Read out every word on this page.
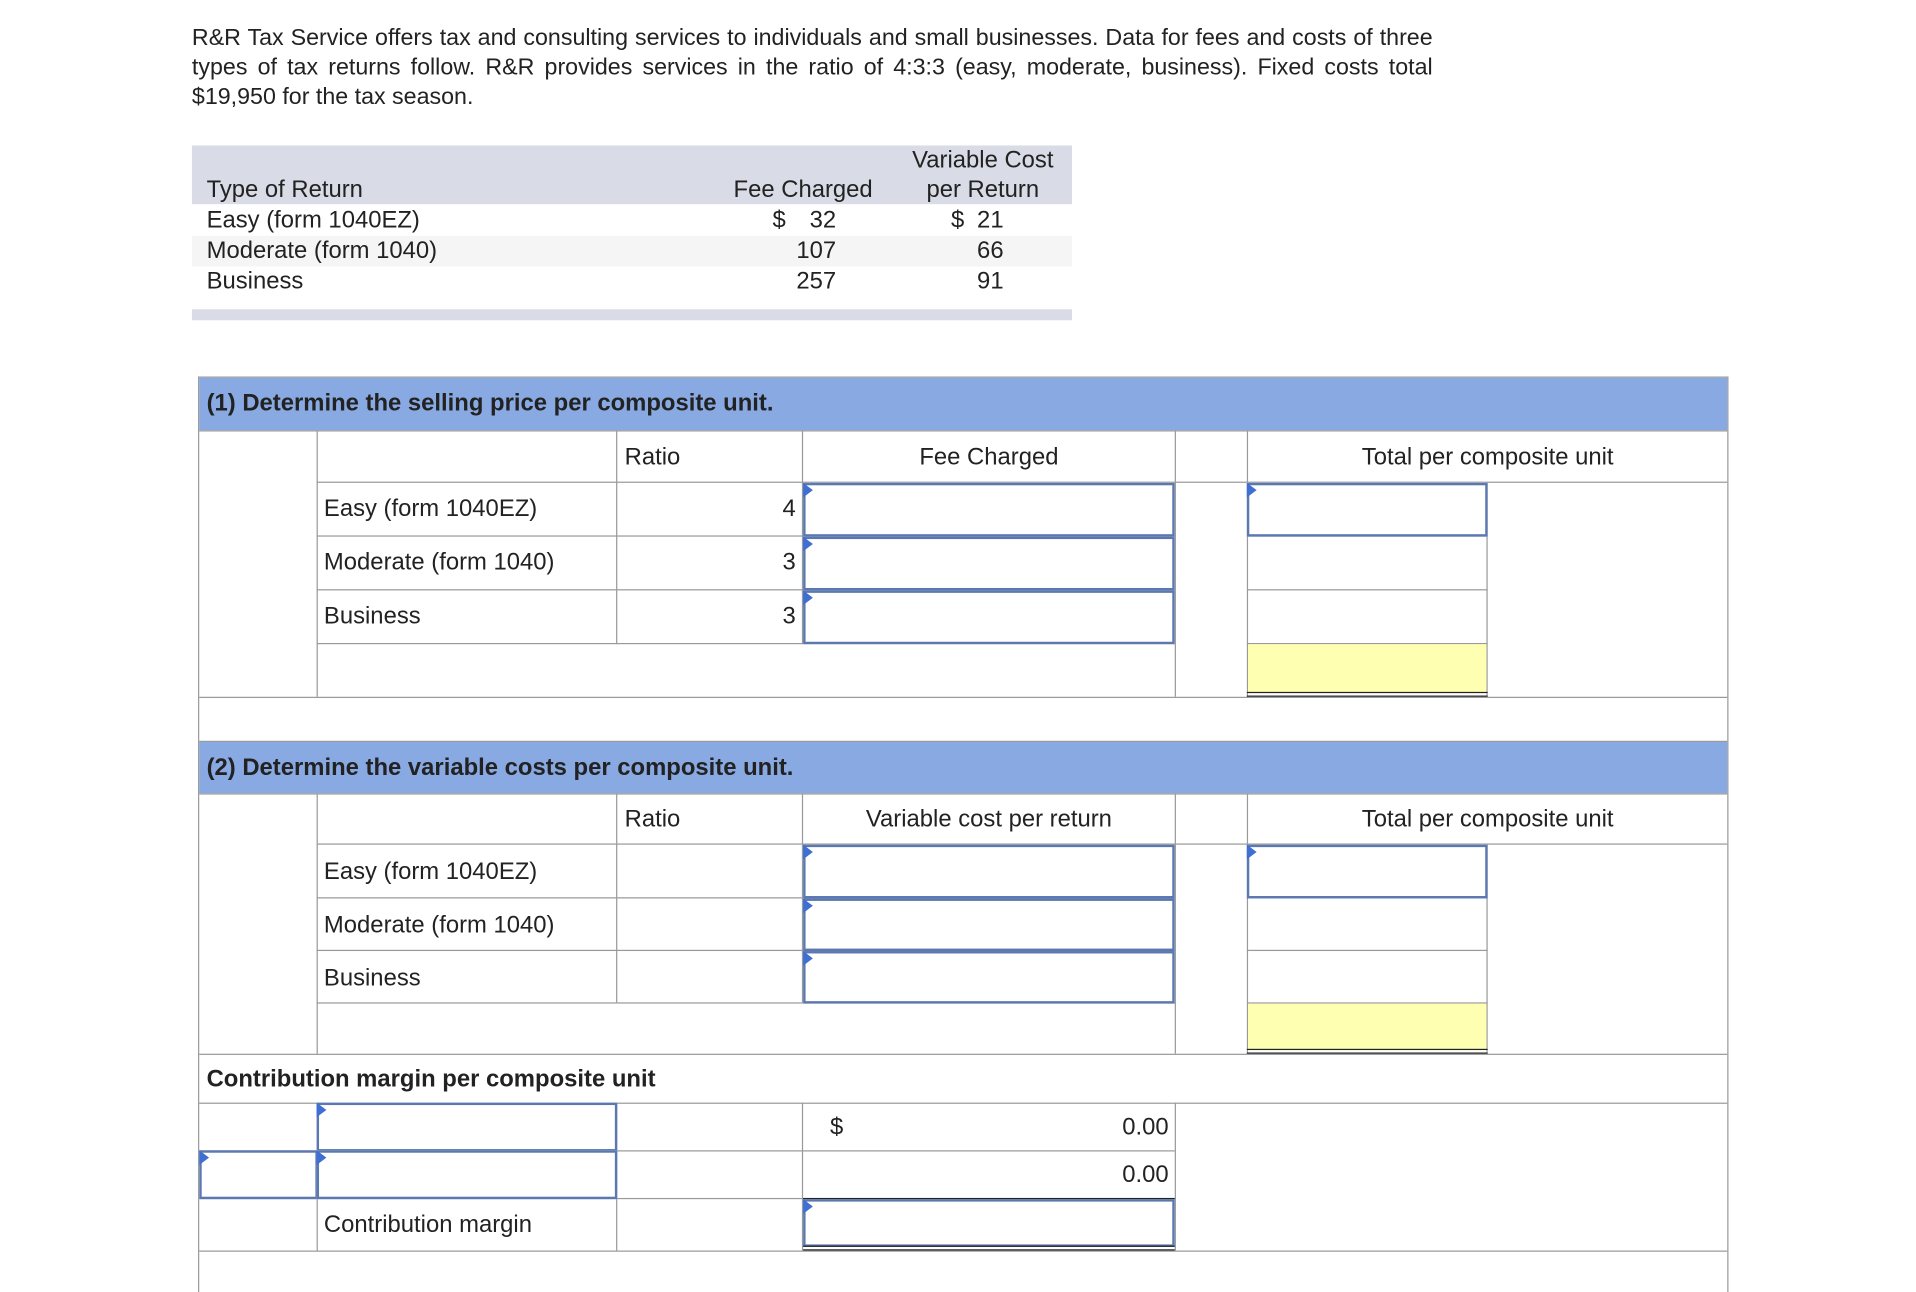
R&R Tax Service offers tax and consulting services to individuals and small businesses. Data for fees and costs of three types of tax returns follow. R&R provides services in the ratio of 4:3:3 (easy, moderate, business). Fixed costs total $19,950 for the tax season.
Type of Return	Fee Charged
Variable Cost
per Return
Easy (form 1040EZ)	$	32	$ 21
Moderate (form 1040)	107	66
Business	257	91
(1) Determine the selling price per composite unit.
Ratio	Fee Charged	Total per composite unit
Easy (form 1040EZ)	4
Moderate (form 1040)	3
Business	3
(2) Determine the variable costs per composite unit.
Ratio	Variable cost per return	Total per composite unit
Easy (form 1040EZ)
Moderate (form 1040)
Business
Contribution margin per composite unit
$	0.00
0.00
Contribution margin
